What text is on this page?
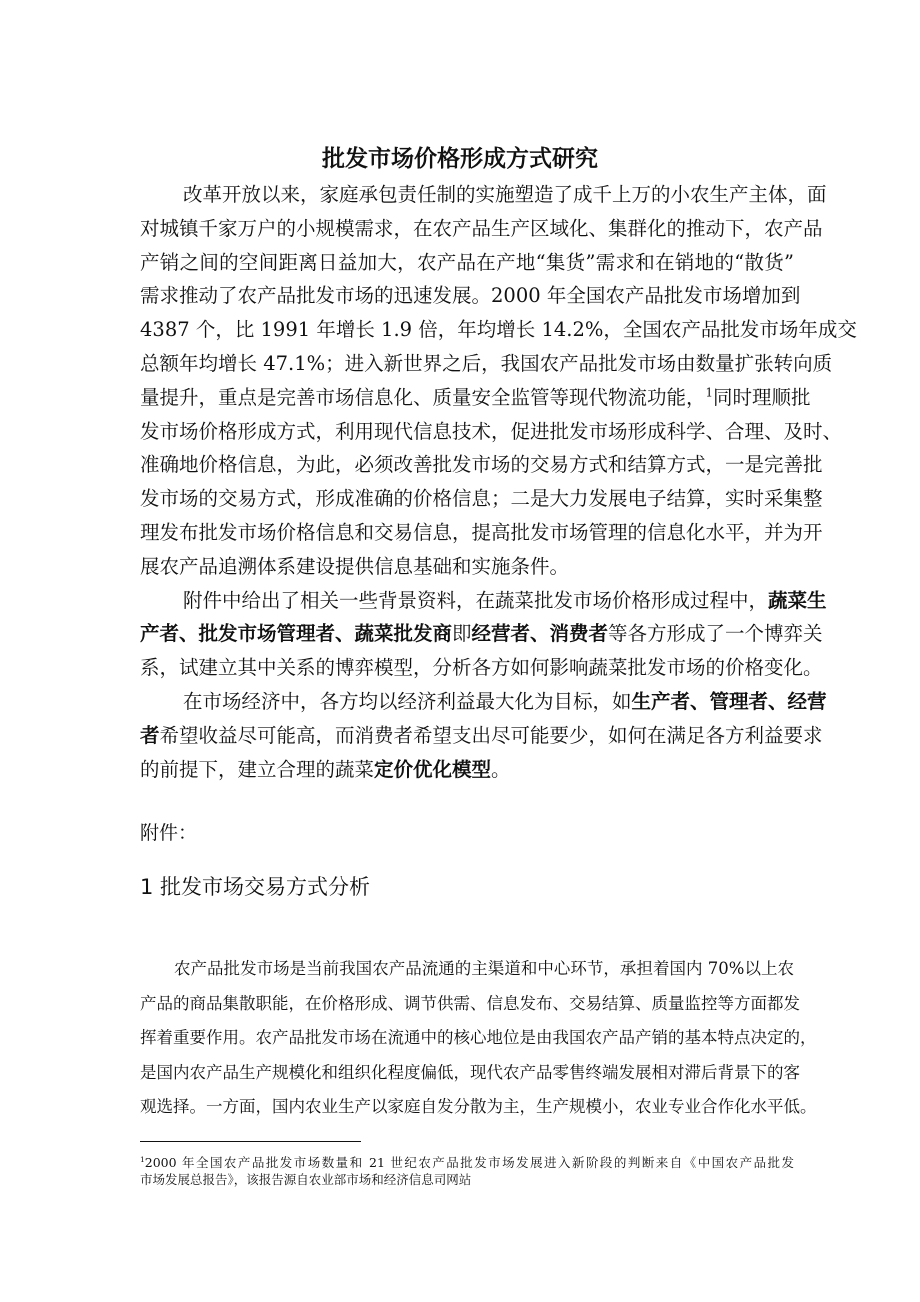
批发市场价格形成方式研究
改革开放以来，家庭承包责任制的实施塑造了成千上万的小农生产主体，面
对城镇千家万户的小规模需求，在农产品生产区域化、集群化的推动下，农产品
产销之间的空间距离日益加大，农产品在产地“集货”需求和在销地的“散货”
需求推动了农产品批发市场的迅速发展。2000 年全国农产品批发市场增加到
4387 个，比 1991 年增长 1.9 倍，年均增长 14.2%，全国农产品批发市场年成交
总额年均增长 47.1%；进入新世界之后，我国农产品批发市场由数量扩张转向质
量提升，重点是完善市场信息化、质量安全监管等现代物流功能，$^1$同时理顺批
发市场价格形成方式，利用现代信息技术，促进批发市场形成科学、合理、及时、
准确地价格信息，为此，必须改善批发市场的交易方式和结算方式，一是完善批
发市场的交易方式，形成准确的价格信息；二是大力发展电子结算，实时采集整
理发布批发市场价格信息和交易信息，提高批发市场管理的信息化水平，并为开
展农产品追溯体系建设提供信息基础和实施条件。
附件中给出了相关一些背景资料，在蔬菜批发市场价格形成过程中，蔬菜生
产者、批发市场管理者、蔬菜批发商即经营者、消费者等各方形成了一个博弈关
系，试建立其中关系的博弈模型，分析各方如何影响蔬菜批发市场的价格变化。
在市场经济中，各方均以经济利益最大化为目标，如生产者、管理者、经营
者希望收益尽可能高，而消费者希望支出尽可能要少，如何在满足各方利益要求
的前提下，建立合理的蔬菜定价优化模型。
附件：
1 批发市场交易方式分析
农产品批发市场是当前我国农产品流通的主渠道和中心环节，承担着国内 70%以上农
产品的商品集散职能，在价格形成、调节供需、信息发布、交易结算、质量监控等方面都发
挥着重要作用。农产品批发市场在流通中的核心地位是由我国农产品产销的基本特点决定的，
是国内农产品生产规模化和组织化程度偏低，现代农产品零售终端发展相对滞后背景下的客
观选择。一方面，国内农业生产以家庭自发分散为主，生产规模小，农业专业合作化水平低。
$^1$2000 年全国农产品批发市场数量和 21 世纪农产品批发市场发展进入新阶段的判断来自《中国农产品批发
市场发展总报告》，该报告源自农业部市场和经济信息司网站
